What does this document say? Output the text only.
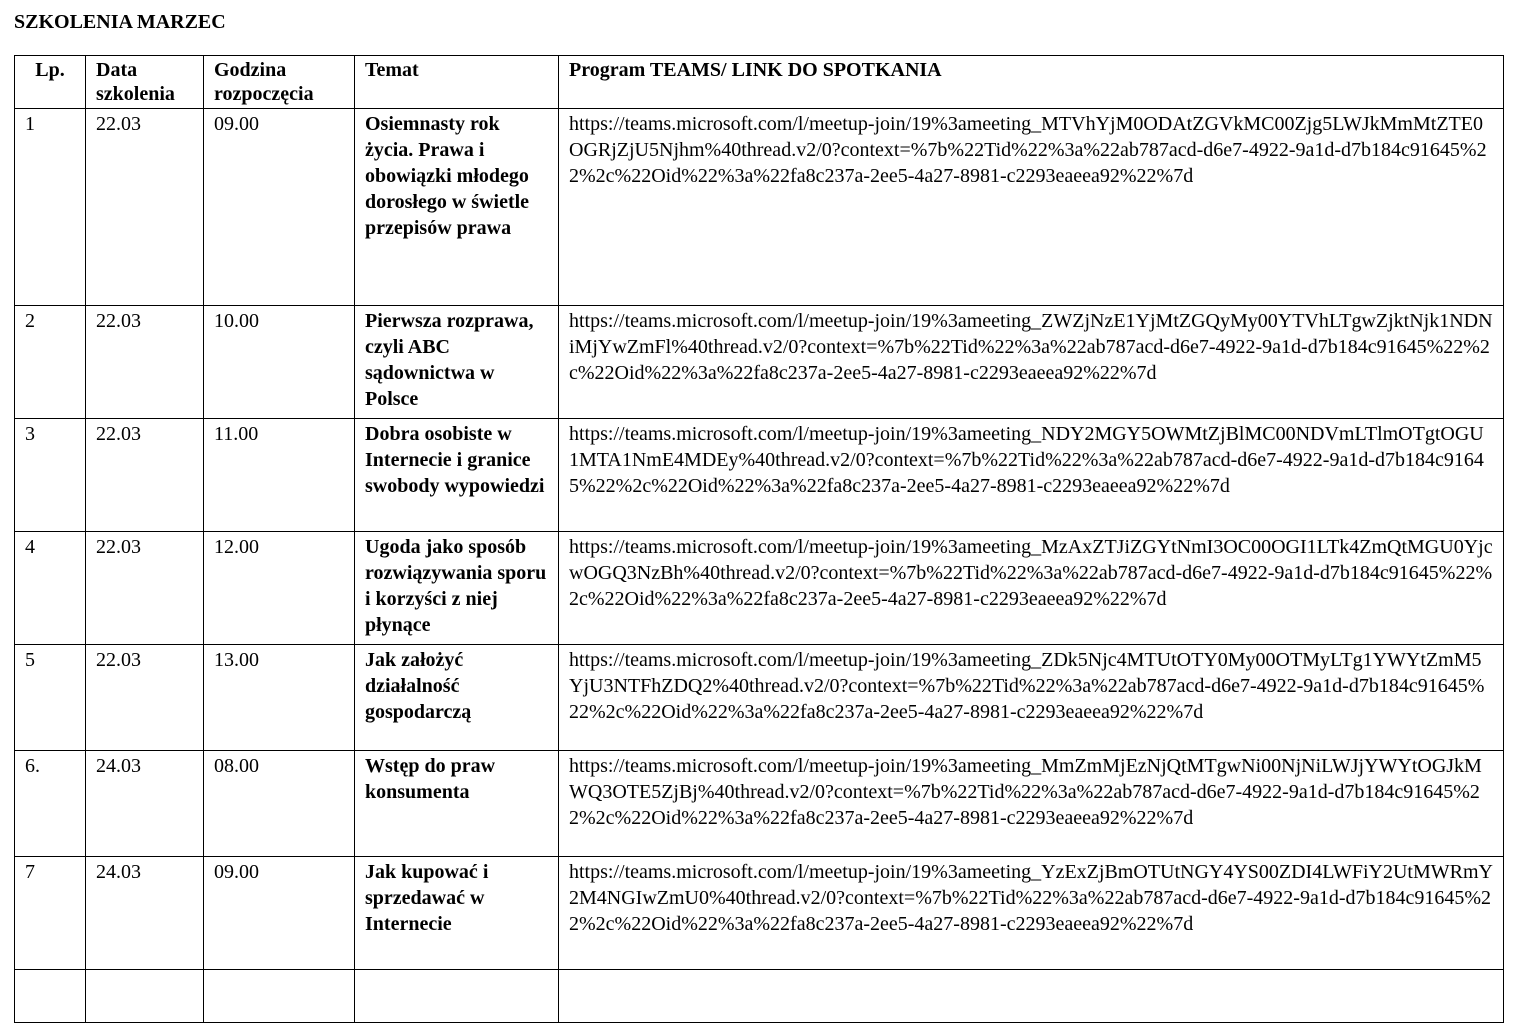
SZKOLENIA MARZEC
Lp.	Data szkolenia	Godzina rozpoczęcia	Temat	Program TEAMS/ LINK DO SPOTKANIA
1	22.03	09.00	Osiemnasty rok życia. Prawa i obowiązki młodego dorosłego w świetle przepisów prawa	https://teams.microsoft.com/l/meetup-join/19%3ameeting_MTVhYjM0ODAtZGVkMC00Zjg5LWJkMmMtZTE0OGRjZjU5Njhm%40thread.v2/0?context=%7b%22Tid%22%3a%22ab787acd-d6e7-4922-9a1d-d7b184c91645%22%2c%22Oid%22%3a%22fa8c237a-2ee5-4a27-8981-c2293eaeea92%22%7d
2	22.03	10.00	Pierwsza rozprawa, czyli ABC sądownictwa w Polsce	https://teams.microsoft.com/l/meetup-join/19%3ameeting_ZWZjNzE1YjMtZGQyMy00YTVhLTgwZjktNjk1NDNiMjYwZmFl%40thread.v2/0?context=%7b%22Tid%22%3a%22ab787acd-d6e7-4922-9a1d-d7b184c91645%22%2c%22Oid%22%3a%22fa8c237a-2ee5-4a27-8981-c2293eaeea92%22%7d
3	22.03	11.00	Dobra osobiste w Internecie i granice swobody wypowiedzi	https://teams.microsoft.com/l/meetup-join/19%3ameeting_NDY2MGY5OWMtZjBlMC00NDVmLTlmOTgtOGU1MTA1NmE4MDEy%40thread.v2/0?context=%7b%22Tid%22%3a%22ab787acd-d6e7-4922-9a1d-d7b184c91645%22%2c%22Oid%22%3a%22fa8c237a-2ee5-4a27-8981-c2293eaeea92%22%7d
4	22.03	12.00	Ugoda jako sposób rozwiązywania sporu i korzyści z niej płynące	https://teams.microsoft.com/l/meetup-join/19%3ameeting_MzAxZTJiZGYtNmI3OC00OGI1LTk4ZmQtMGU0YjcwOGQ3NzBh%40thread.v2/0?context=%7b%22Tid%22%3a%22ab787acd-d6e7-4922-9a1d-d7b184c91645%22%2c%22Oid%22%3a%22fa8c237a-2ee5-4a27-8981-c2293eaeea92%22%7d
5	22.03	13.00	Jak założyć działalność gospodarczą	https://teams.microsoft.com/l/meetup-join/19%3ameeting_ZDk5Njc4MTUtOTY0My00OTMyLTg1YWYtZmM5YjU3NTFhZDQ2%40thread.v2/0?context=%7b%22Tid%22%3a%22ab787acd-d6e7-4922-9a1d-d7b184c91645%22%2c%22Oid%22%3a%22fa8c237a-2ee5-4a27-8981-c2293eaeea92%22%7d
6.	24.03	08.00	Wstęp do praw konsumenta	https://teams.microsoft.com/l/meetup-join/19%3ameeting_MmZmMjEzNjQtMTgwNi00NjNiLWJjYWYtOGJkMWQ3OTE5ZjBj%40thread.v2/0?context=%7b%22Tid%22%3a%22ab787acd-d6e7-4922-9a1d-d7b184c91645%22%2c%22Oid%22%3a%22fa8c237a-2ee5-4a27-8981-c2293eaeea92%22%7d
7	24.03	09.00	Jak kupować i sprzedawać w Internecie	https://teams.microsoft.com/l/meetup-join/19%3ameeting_YzExZjBmOTUtNGY4YS00ZDI4LWFiY2UtMWRmY2M4NGIwZmU0%40thread.v2/0?context=%7b%22Tid%22%3a%22ab787acd-d6e7-4922-9a1d-d7b184c91645%22%2c%22Oid%22%3a%22fa8c237a-2ee5-4a27-8981-c2293eaeea92%22%7d
